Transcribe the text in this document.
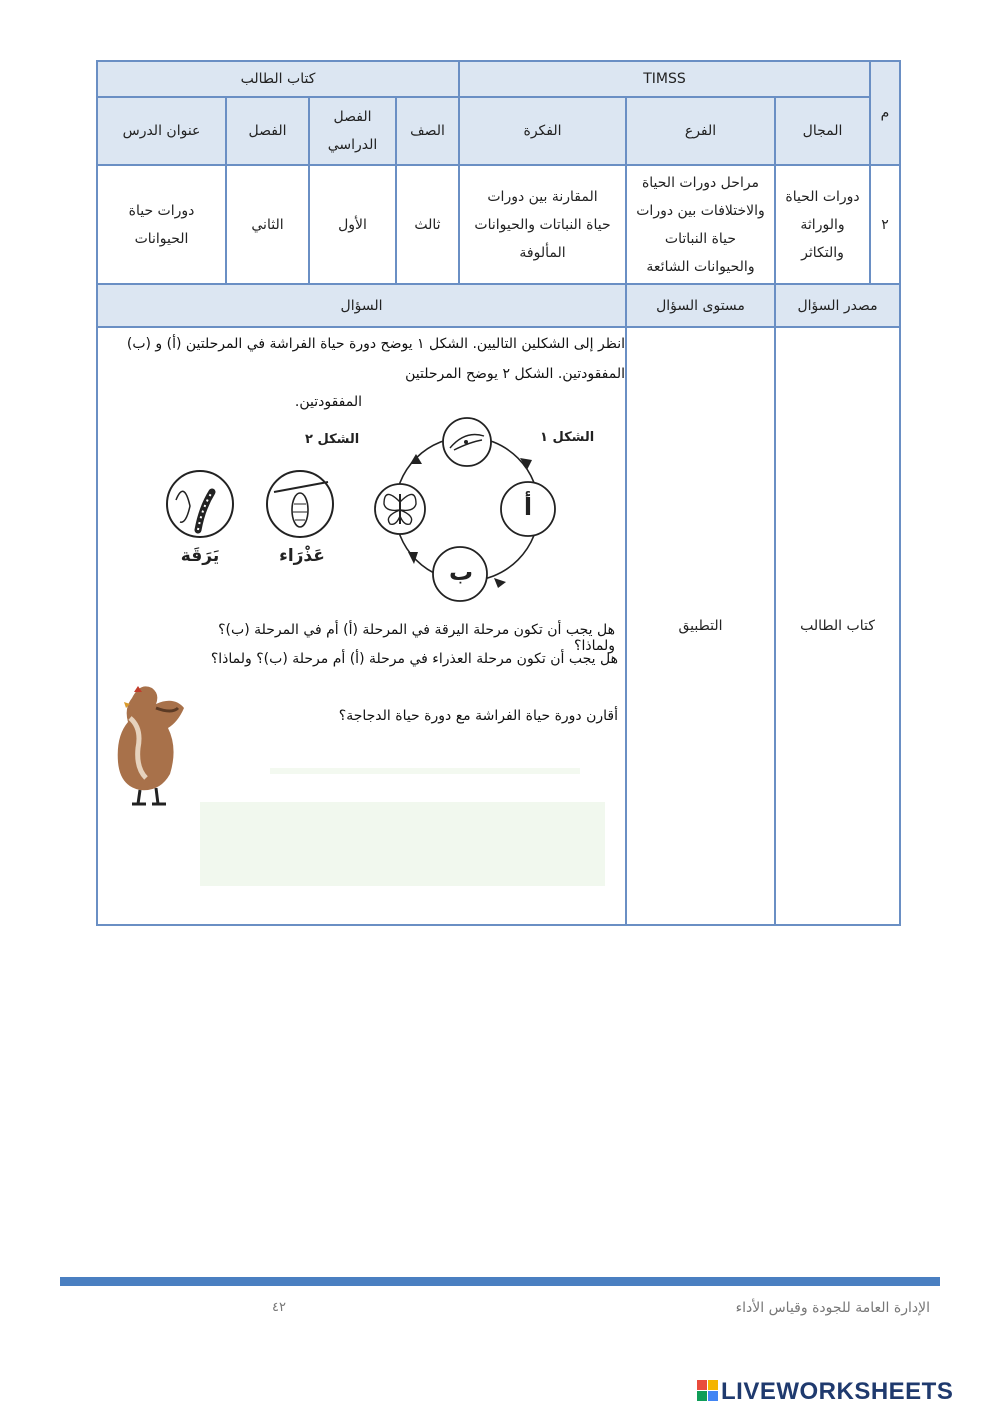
م
TIMSS
كتاب الطالب
المجال
الفرع
الفكرة
الصف
الفصل
الدراسي
الفصل
عنوان الدرس
٢
دورات الحياة
والوراثة
والتكاثر
مراحل دورات الحياة
والاختلافات بين دورات
حياة النباتات
والحيوانات الشائعة
المقارنة بين دورات
حياة النباتات والحيوانات
المألوفة
ثالث
الأول
الثاني
دورات حياة
الحيوانات
مصدر السؤال
مستوى السؤال
السؤال
كتاب الطالب
التطبيق
انظر إلى الشكلين التاليين. الشكل ١ يوضح دورة حياة الفراشة في المرحلتين (أ) و (ب)
المفقودتين. الشكل ٢ يوضح المرحلتين
المفقودتين.
الشكل ١
أ
ب
الشكل ٢
يَرَقَة	عَذْرَاء
هل يجب أن تكون مرحلة اليرقة في المرحلة (أ) أم في المرحلة (ب)؟ ولماذا؟
هل يجب أن تكون مرحلة العذراء في مرحلة (أ) أم مرحلة (ب)؟ ولماذا؟
أقارن دورة حياة الفراشة مع دورة حياة الدجاجة؟
الإدارة العامة للجودة وقياس الأداء
٤٢
LIVEWORKSHEETS
